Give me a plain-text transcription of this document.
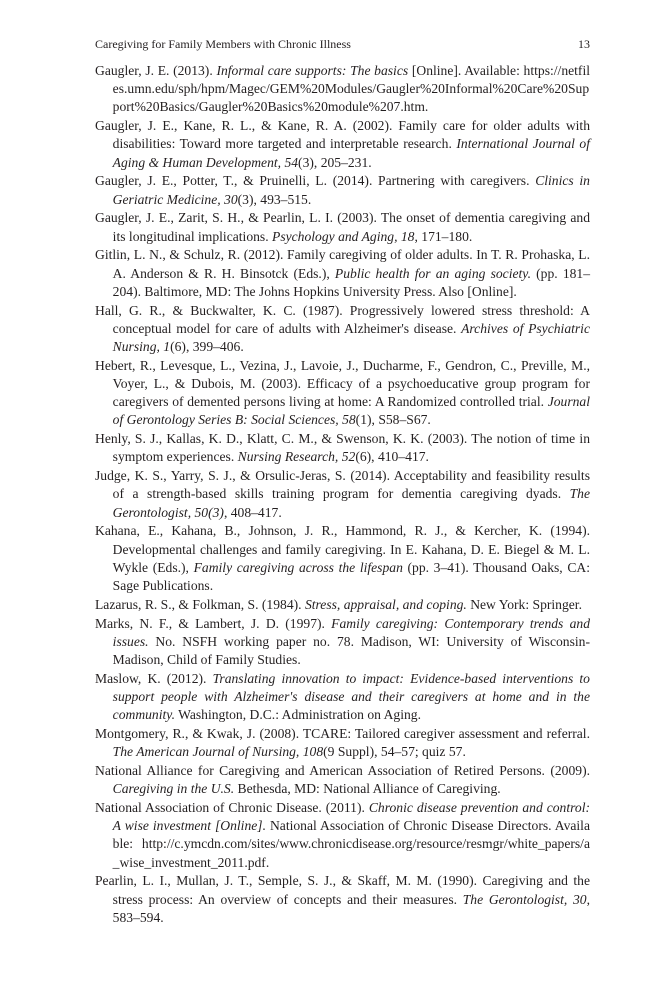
Caregiving for Family Members with Chronic Illness	13

Gaugler, J. E. (2013). Informal care supports: The basics [Online]. Available: https://netfiles.umn.edu/sph/hpm/Magec/GEM%20Modules/Gaugler%20Informal%20Care%20Support%20Basics/Gaugler%20Basics%20module%207.htm.

Gaugler, J. E., Kane, R. L., & Kane, R. A. (2002). Family care for older adults with disabilities: Toward more targeted and interpretable research. International Journal of Aging & Human Development, 54(3), 205–231.

Gaugler, J. E., Potter, T., & Pruinelli, L. (2014). Partnering with caregivers. Clinics in Geriatric Medicine, 30(3), 493–515.

Gaugler, J. E., Zarit, S. H., & Pearlin, L. I. (2003). The onset of dementia caregiving and its longitudinal implications. Psychology and Aging, 18, 171–180.

Gitlin, L. N., & Schulz, R. (2012). Family caregiving of older adults. In T. R. Prohaska, L. A. Anderson & R. H. Binsotck (Eds.), Public health for an aging society. (pp. 181–204). Baltimore, MD: The Johns Hopkins University Press. Also [Online].

Hall, G. R., & Buckwalter, K. C. (1987). Progressively lowered stress threshold: A conceptual model for care of adults with Alzheimer's disease. Archives of Psychiatric Nursing, 1(6), 399–406.

Hebert, R., Levesque, L., Vezina, J., Lavoie, J., Ducharme, F., Gendron, C., Preville, M., Voyer, L., & Dubois, M. (2003). Efficacy of a psychoeducative group program for caregivers of demented persons living at home: A Randomized controlled trial. Journal of Gerontology Series B: Social Sciences, 58(1), S58–S67.

Henly, S. J., Kallas, K. D., Klatt, C. M., & Swenson, K. K. (2003). The notion of time in symptom experiences. Nursing Research, 52(6), 410–417.

Judge, K. S., Yarry, S. J., & Orsulic-Jeras, S. (2014). Acceptability and feasibility results of a strength-based skills training program for dementia caregiving dyads. The Gerontologist, 50(3), 408–417.

Kahana, E., Kahana, B., Johnson, J. R., Hammond, R. J., & Kercher, K. (1994). Developmental challenges and family caregiving. In E. Kahana, D. E. Biegel & M. L. Wykle (Eds.), Family caregiving across the lifespan (pp. 3–41). Thousand Oaks, CA: Sage Publications.

Lazarus, R. S., & Folkman, S. (1984). Stress, appraisal, and coping. New York: Springer.

Marks, N. F., & Lambert, J. D. (1997). Family caregiving: Contemporary trends and issues. No. NSFH working paper no. 78. Madison, WI: University of Wisconsin-Madison, Child of Family Studies.

Maslow, K. (2012). Translating innovation to impact: Evidence-based interventions to support people with Alzheimer's disease and their caregivers at home and in the community. Washington, D.C.: Administration on Aging.

Montgomery, R., & Kwak, J. (2008). TCARE: Tailored caregiver assessment and referral. The American Journal of Nursing, 108(9 Suppl), 54–57; quiz 57.

National Alliance for Caregiving and American Association of Retired Persons. (2009). Caregiving in the U.S. Bethesda, MD: National Alliance of Caregiving.

National Association of Chronic Disease. (2011). Chronic disease prevention and control: A wise investment [Online]. National Association of Chronic Disease Directors. Available: http://c.ymcdn.com/sites/www.chronicdisease.org/resource/resmgr/white_papers/a_wise_investment_2011.pdf.

Pearlin, L. I., Mullan, J. T., Semple, S. J., & Skaff, M. M. (1990). Caregiving and the stress process: An overview of concepts and their measures. The Gerontologist, 30, 583–594.
